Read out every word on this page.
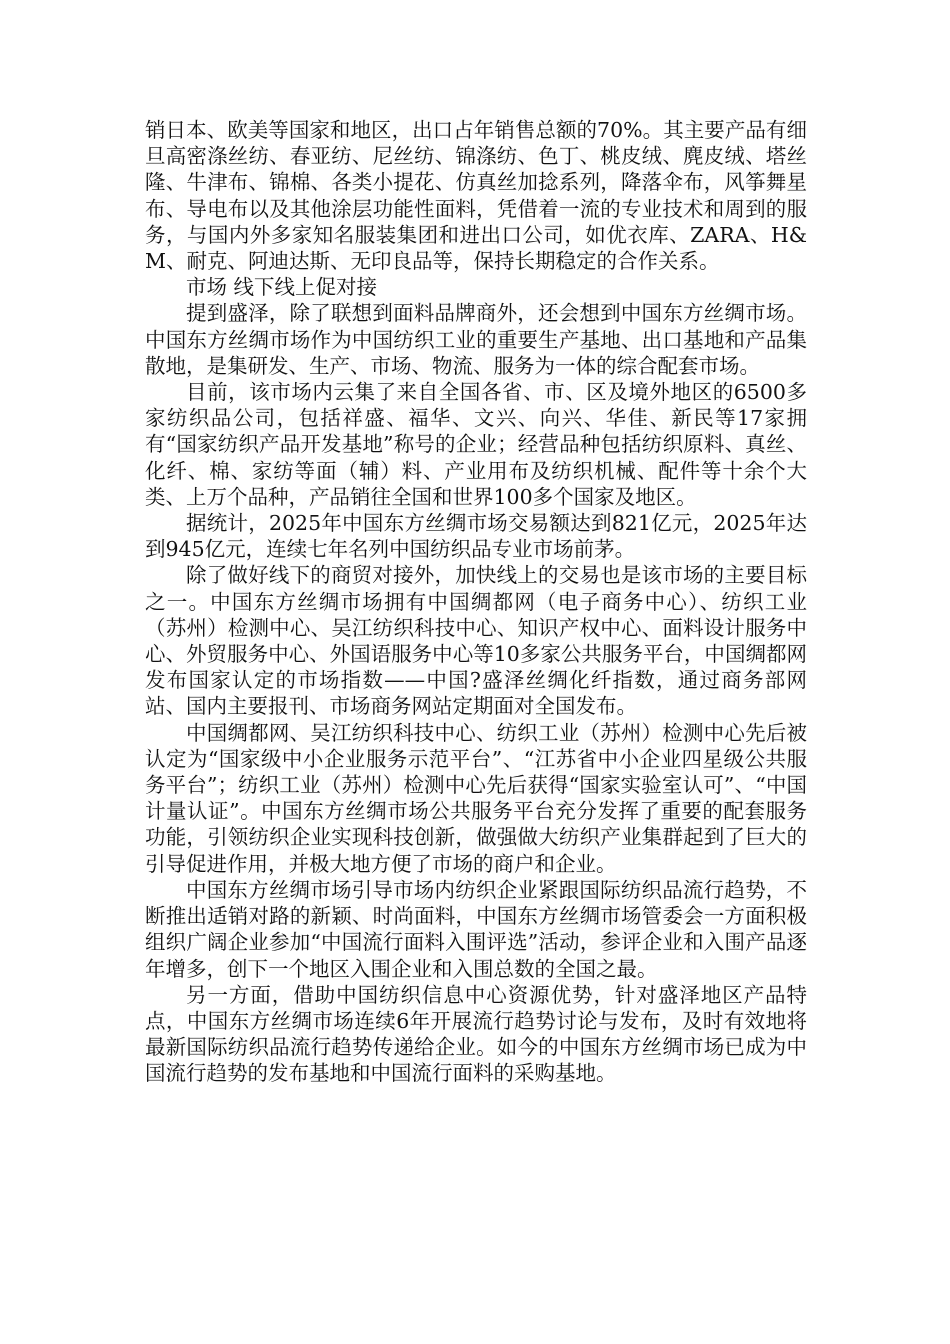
销日本、欧美等国家和地区，出口占年销售总额的70%。其主要产品有细旦高密涤丝纺、春亚纺、尼丝纺、锦涤纺、色丁、桃皮绒、麂皮绒、塔丝隆、牛津布、锦棉、各类小提花、仿真丝加捻系列，降落伞布，风筝舞星布、导电布以及其他涂层功能性面料，凭借着一流的专业技术和周到的服务，与国内外多家知名服装集团和进出口公司，如优衣库、ZARA、H&M、耐克、阿迪达斯、无印良品等，保持长期稳定的合作关系。

市场 线下线上促对接

提到盛泽，除了联想到面料品牌商外，还会想到中国东方丝绸市场。中国东方丝绸市场作为中国纺织工业的重要生产基地、出口基地和产品集散地，是集研发、生产、市场、物流、服务为一体的综合配套市场。

目前，该市场内云集了来自全国各省、市、区及境外地区的6500多家纺织品公司，包括祥盛、福华、文兴、向兴、华佳、新民等17家拥有“国家纺织产品开发基地”称号的企业；经营品种包括纺织原料、真丝、化纤、棉、家纺等面（辅）料、产业用布及纺织机械、配件等十余个大类、上万个品种，产品销往全国和世界100多个国家及地区。

据统计，2025年中国东方丝绸市场交易额达到821亿元，2025年达到945亿元，连续七年名列中国纺织品专业市场前茅。

除了做好线下的商贸对接外，加快线上的交易也是该市场的主要目标之一。中国东方丝绸市场拥有中国绸都网（电子商务中心）、纺织工业（苏州）检测中心、吴江纺织科技中心、知识产权中心、面料设计服务中心、外贸服务中心、外国语服务中心等10多家公共服务平台，中国绸都网发布国家认定的市场指数——中国?盛泽丝绸化纤指数，通过商务部网站、国内主要报刊、市场商务网站定期面对全国发布。

中国绸都网、吴江纺织科技中心、纺织工业（苏州）检测中心先后被认定为“国家级中小企业服务示范平台”、“江苏省中小企业四星级公共服务平台”；纺织工业（苏州）检测中心先后获得“国家实验室认可”、“中国计量认证”。中国东方丝绸市场公共服务平台充分发挥了重要的配套服务功能，引领纺织企业实现科技创新，做强做大纺织产业集群起到了巨大的引导促进作用，并极大地方便了市场的商户和企业。

中国东方丝绸市场引导市场内纺织企业紧跟国际纺织品流行趋势，不断推出适销对路的新颖、时尚面料，中国东方丝绸市场管委会一方面积极组织广阔企业参加“中国流行面料入围评选”活动，参评企业和入围产品逐年增多，创下一个地区入围企业和入围总数的全国之最。

另一方面，借助中国纺织信息中心资源优势，针对盛泽地区产品特点，中国东方丝绸市场连续6年开展流行趋势讨论与发布，及时有效地将最新国际纺织品流行趋势传递给企业。如今的中国东方丝绸市场已成为中国流行趋势的发布基地和中国流行面料的采购基地。
